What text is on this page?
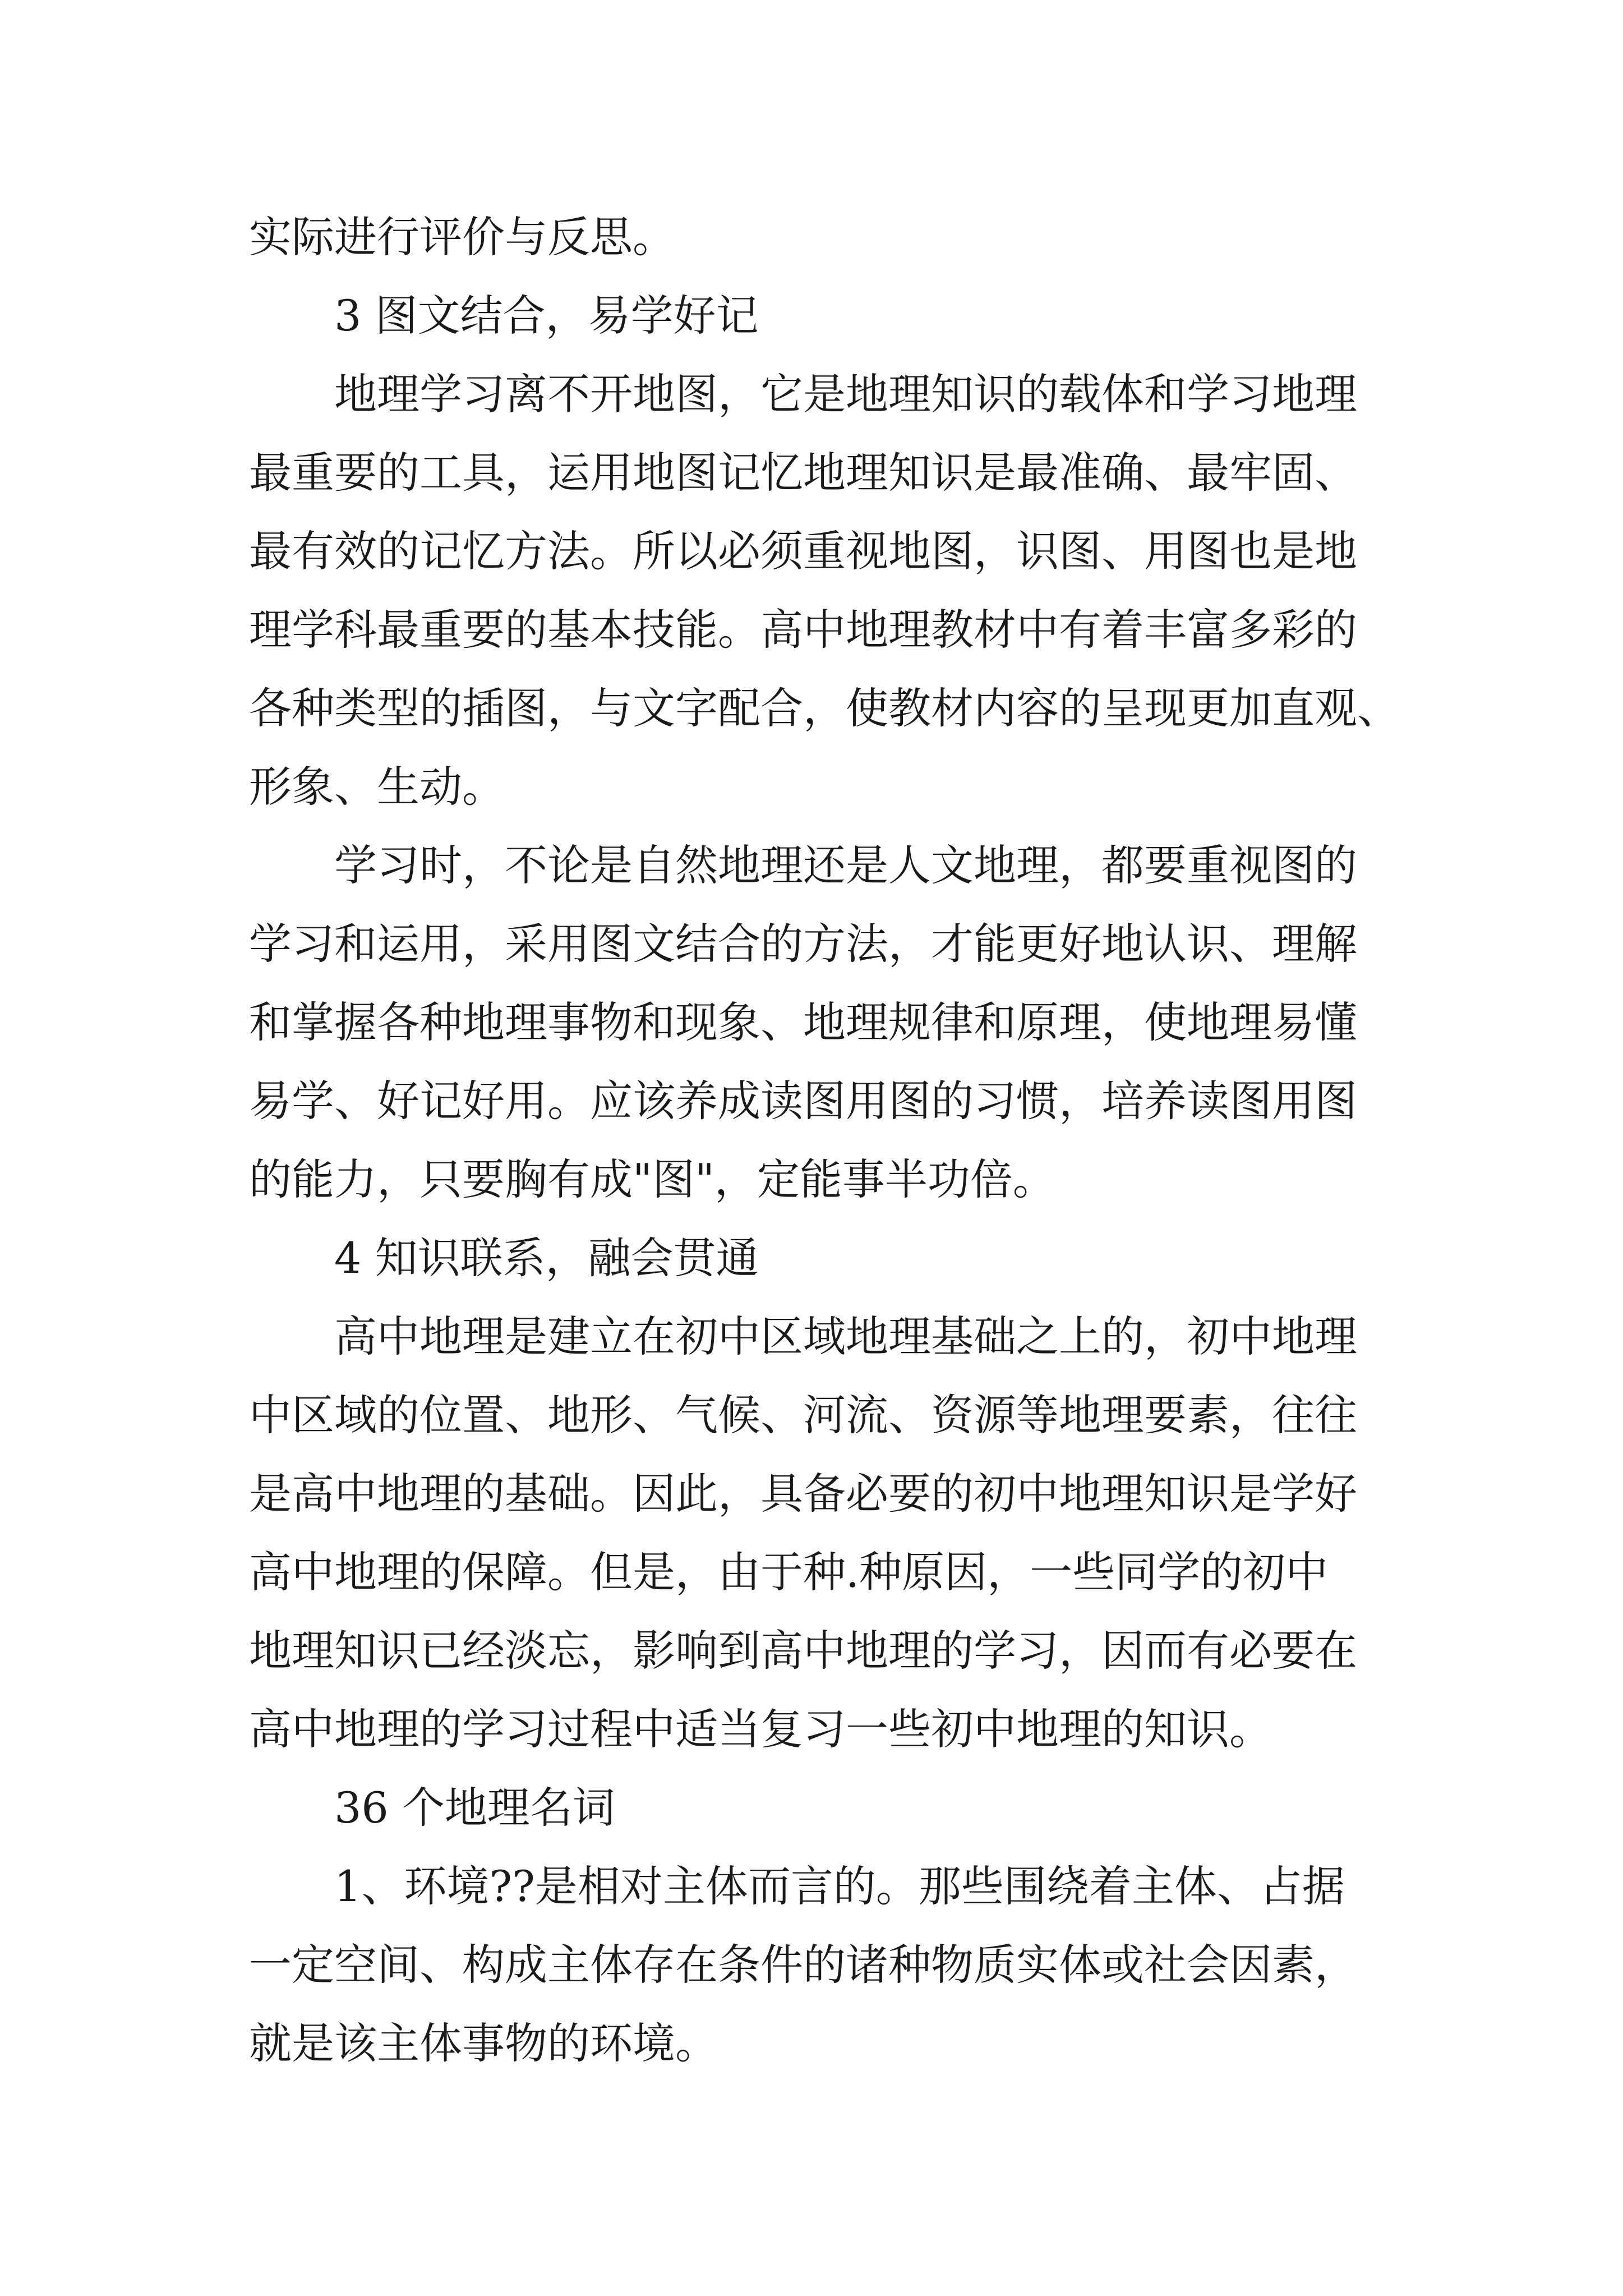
实际进行评价与反思。
3 图文结合，易学好记
地理学习离不开地图，它是地理知识的载体和学习地理
最重要的工具，运用地图记忆地理知识是最准确、最牢固、
最有效的记忆方法。所以必须重视地图，识图、用图也是地
理学科最重要的基本技能。高中地理教材中有着丰富多彩的
各种类型的插图，与文字配合，使教材内容的呈现更加直观、
形象、生动。
学习时，不论是自然地理还是人文地理，都要重视图的
学习和运用，采用图文结合的方法，才能更好地认识、理解
和掌握各种地理事物和现象、地理规律和原理，使地理易懂
易学、好记好用。应该养成读图用图的习惯，培养读图用图
的能力，只要胸有成"图"，定能事半功倍。
4 知识联系，融会贯通
高中地理是建立在初中区域地理基础之上的，初中地理
中区域的位置、地形、气候、河流、资源等地理要素，往往
是高中地理的基础。因此，具备必要的初中地理知识是学好
高中地理的保障。但是，由于种.种原因，一些同学的初中
地理知识已经淡忘，影响到高中地理的学习，因而有必要在
高中地理的学习过程中适当复习一些初中地理的知识。
36 个地理名词
1、环境??是相对主体而言的。那些围绕着主体、占据
一定空间、构成主体存在条件的诸种物质实体或社会因素，
就是该主体事物的环境。
